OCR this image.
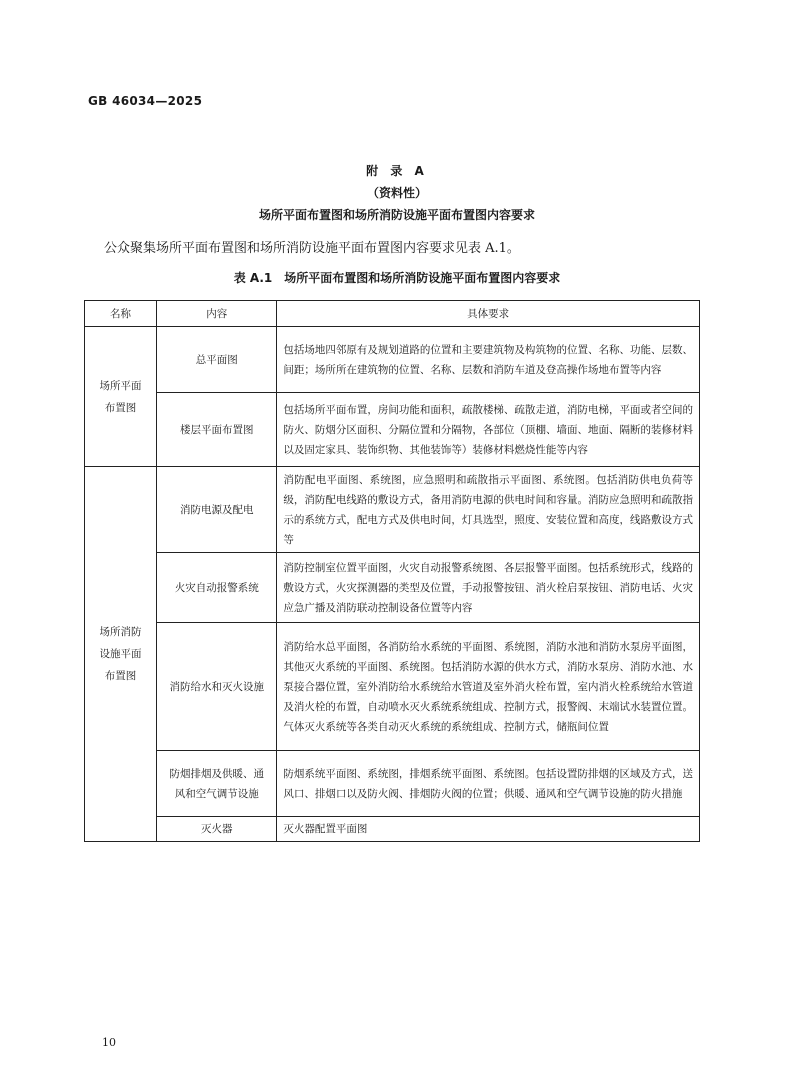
GB 46034—2025
附 录 A
（资料性）
场所平面布置图和场所消防设施平面布置图内容要求
公众聚集场所平面布置图和场所消防设施平面布置图内容要求见表 A.1。
表 A.1　场所平面布置图和场所消防设施平面布置图内容要求
名称	内容	具体要求

场所平面布置图	总平面图	包括场地四邻原有及规划道路的位置和主要建筑物及构筑物的位置、名称、功能、层数、间距；场所所在建筑物的位置、名称、层数和消防车道及登高操作场地布置等内容
	楼层平面布置图	包括场所平面布置，房间功能和面积，疏散楼梯、疏散走道，消防电梯，平面或者空间的防火、防烟分区面积、分隔位置和分隔物，各部位（顶棚、墙面、地面、隔断的装修材料以及固定家具、装饰织物、其他装饰等）装修材料燃烧性能等内容

场所消防设施平面布置图	消防电源及配电	消防配电平面图、系统图，应急照明和疏散指示平面图、系统图。包括消防供电负荷等级，消防配电线路的敷设方式，备用消防电源的供电时间和容量。消防应急照明和疏散指示的系统方式，配电方式及供电时间，灯具选型，照度、安装位置和高度，线路敷设方式等
	火灾自动报警系统	消防控制室位置平面图，火灾自动报警系统图、各层报警平面图。包括系统形式，线路的敷设方式，火灾探测器的类型及位置，手动报警按钮、消火栓启泵按钮、消防电话、火灾应急广播及消防联动控制设备位置等内容
	消防给水和灭火设施	消防给水总平面图，各消防给水系统的平面图、系统图，消防水池和消防水泵房平面图，其他灭火系统的平面图、系统图。包括消防水源的供水方式，消防水泵房、消防水池、水泵接合器位置，室外消防给水系统给水管道及室外消火栓布置，室内消火栓系统给水管道及消火栓的布置，自动喷水灭火系统系统组成、控制方式，报警阀、末端试水装置位置。气体灭火系统等各类自动灭火系统的系统组成、控制方式，储瓶间位置

	防烟排烟及供暖、通风和空气调节设施	防烟系统平面图、系统图，排烟系统平面图、系统图。包括设置防排烟的区域及方式，送风口、排烟口以及防火阀、排烟防火阀的位置；供暖、通风和空气调节设施的防火措施
	灭火器	灭火器配置平面图
10
